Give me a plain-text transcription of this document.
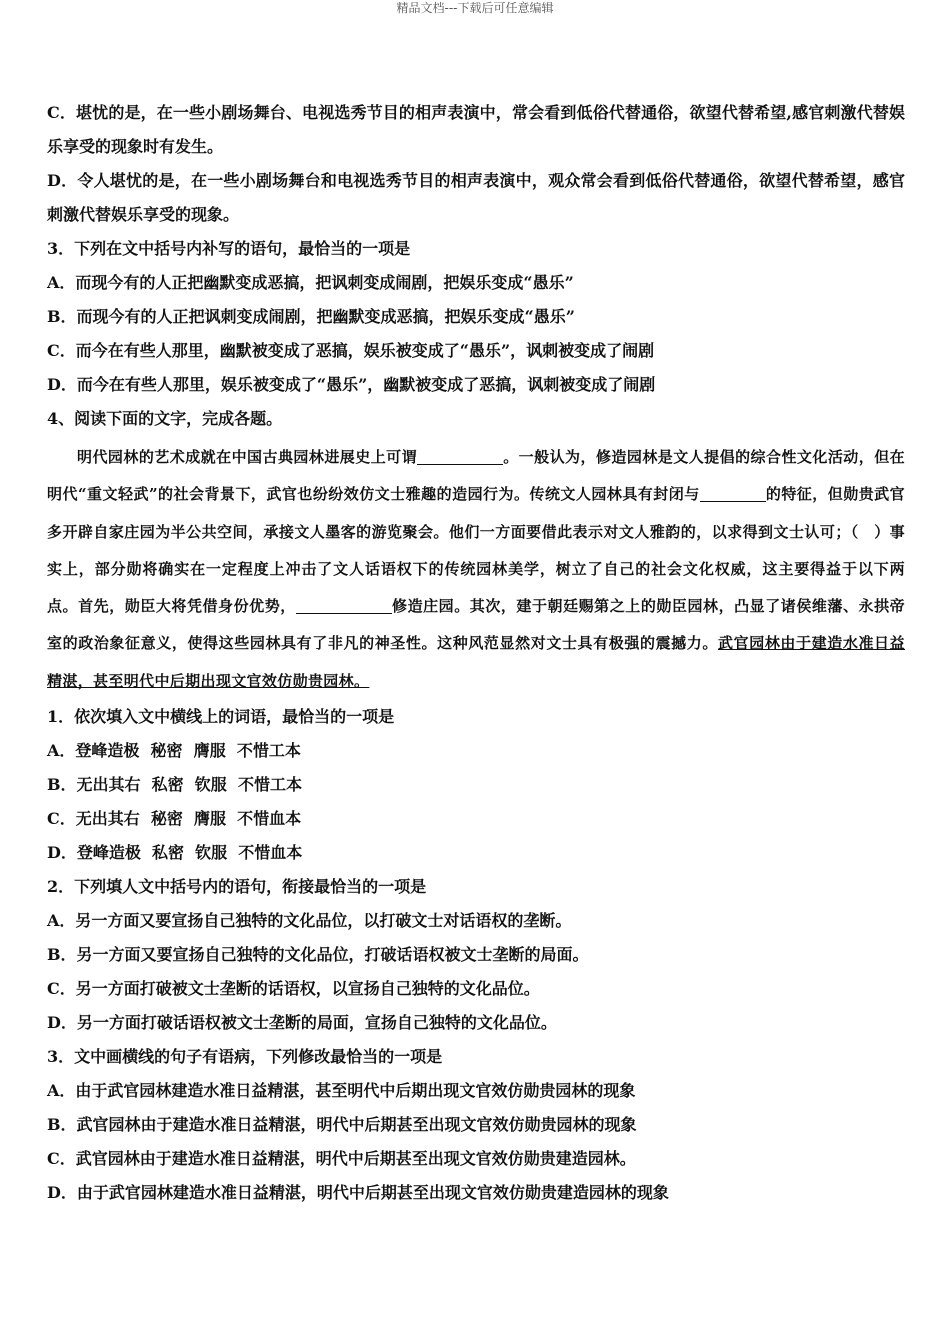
精品文档---下载后可任意编辑
C．堪忧的是，在一些小剧场舞台、电视选秀节目的相声表演中，常会看到低俗代替通俗，欲望代替希望,感官刺激代替娱乐享受的现象时有发生。
D．令人堪忧的是，在一些小剧场舞台和电视选秀节目的相声表演中，观众常会看到低俗代替通俗，欲望代替希望，感官刺激代替娱乐享受的现象。
3．下列在文中括号内补写的语句，最恰当的一项是
A．而现今有的人正把幽默变成恶搞，把讽刺变成闹剧，把娱乐变成“愚乐”
B．而现今有的人正把讽刺变成闹剧，把幽默变成恶搞，把娱乐变成“愚乐”
C．而今在有些人那里，幽默被变成了恶搞，娱乐被变成了“愚乐”，讽刺被变成了闹剧
D．而今在有些人那里，娱乐被变成了“愚乐”，幽默被变成了恶搞，讽刺被变成了闹剧
4、阅读下面的文字，完成各题。
明代园林的艺术成就在中国古典园林进展史上可谓	。一般认为，修造园林是文人提倡的综合性文化活动，但在明代“重文轻武”的社会背景下，武官也纷纷效仿文士雅趣的造园行为。传统文人园林具有封闭与	的特征，但勋贵武官多开辟自家庄园为半公共空间，承接文人墨客的游览聚会。他们一方面要借此表示对文人雅韵的，以求得到文士认可；（　）事实上，部分勋将确实在一定程度上冲击了文人话语权下的传统园林美学，树立了自己的社会文化权威，这主要得益于以下两点。首先，勋臣大将凭借身份优势，	修造庄园。其次，建于朝廷赐第之上的勋臣园林，凸显了诸侯维藩、永拱帝室的政治象征意义，使得这些园林具有了非凡的神圣性。这种风范显然对文士具有极强的震撼力。武官园林由于建造水准日益精湛，甚至明代中后期出现文官效仿勋贵园林。
1．依次填入文中横线上的词语，最恰当的一项是
A．登峰造极  秘密  膺服  不惜工本
B．无出其右  私密  钦服  不惜工本
C．无出其右  秘密  膺服  不惜血本
D．登峰造极  私密  钦服  不惜血本
2．下列填人文中括号内的语句，衔接最恰当的一项是
A．另一方面又要宣扬自己独特的文化品位，以打破文士对话语权的垄断。
B．另一方面又要宣扬自己独特的文化品位，打破话语权被文士垄断的局面。
C．另一方面打破被文士垄断的话语权，以宣扬自己独特的文化品位。
D．另一方面打破话语权被文士垄断的局面，宣扬自己独特的文化品位。
3．文中画横线的句子有语病，下列修改最恰当的一项是
A．由于武官园林建造水准日益精湛，甚至明代中后期出现文官效仿勋贵园林的现象
B．武官园林由于建造水准日益精湛，明代中后期甚至出现文官效仿勋贵园林的现象
C．武官园林由于建造水准日益精湛，明代中后期甚至出现文官效仿勋贵建造园林。
D．由于武官园林建造水准日益精湛，明代中后期甚至出现文官效仿勋贵建造园林的现象
